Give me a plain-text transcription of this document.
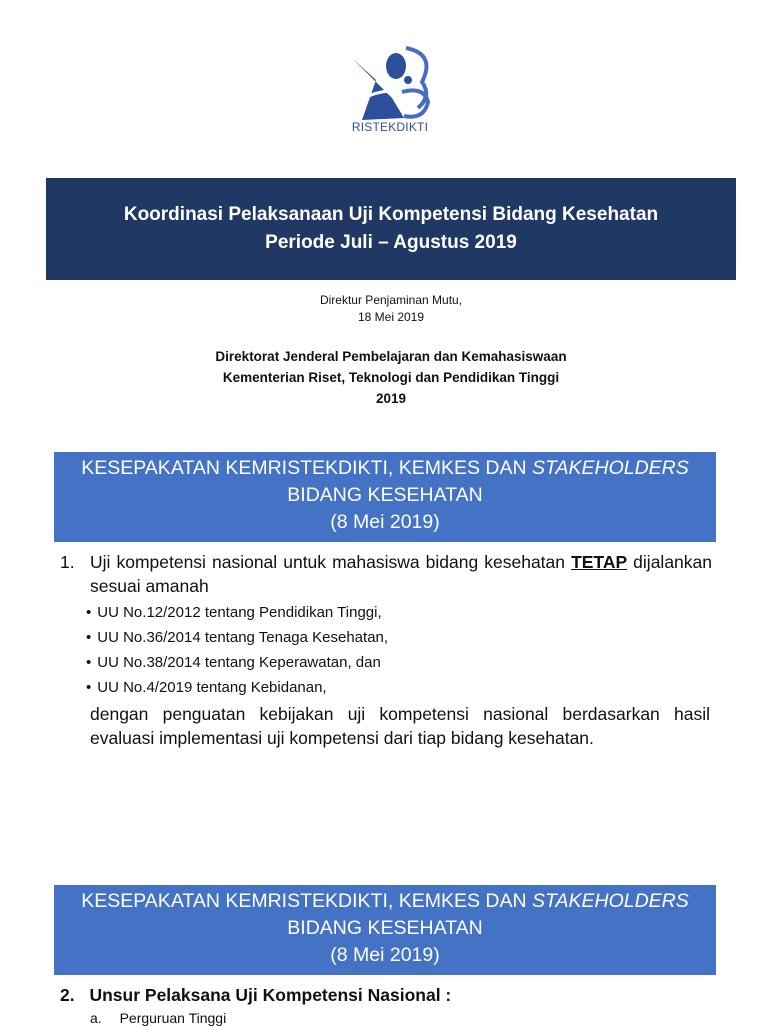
RISTEKDIKTI
Koordinasi Pelaksanaan Uji Kompetensi Bidang Kesehatan
Periode Juli – Agustus 2019
Direktur Penjaminan Mutu,
18 Mei 2019
Direktorat Jenderal Pembelajaran dan Kemahasiswaan
Kementerian Riset, Teknologi dan Pendidikan Tinggi
2019
KESEPAKATAN KEMRISTEKDIKTI, KEMKES DAN STAKEHOLDERS
BIDANG KESEHATAN
(8 Mei 2019)
1. Uji kompetensi nasional untuk mahasiswa bidang kesehatan TETAP dijalankan sesuai amanah
• UU No.12/2012 tentang Pendidikan Tinggi,
• UU No.36/2014 tentang Tenaga Kesehatan,
• UU No.38/2014 tentang Keperawatan, dan
• UU No.4/2019 tentang Kebidanan,
dengan penguatan kebijakan uji kompetensi nasional berdasarkan hasil evaluasi implementasi uji kompetensi dari tiap bidang kesehatan.
KESEPAKATAN KEMRISTEKDIKTI, KEMKES DAN STAKEHOLDERS
BIDANG KESEHATAN
(8 Mei 2019)
2. Unsur Pelaksana Uji Kompetensi Nasional :
a. Perguruan Tinggi
